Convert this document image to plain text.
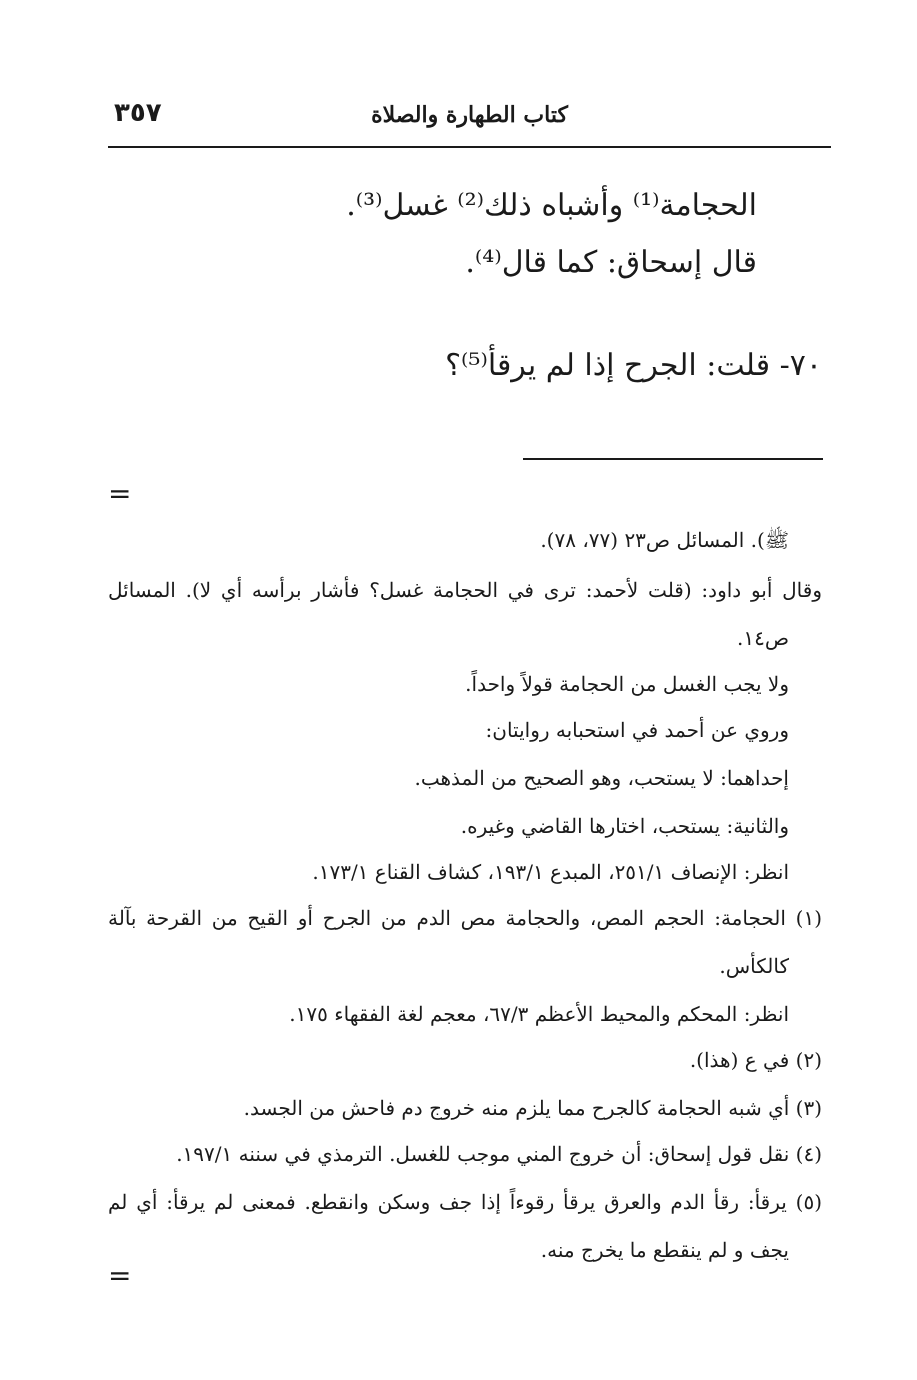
٣٥٧	كتاب الطهارة والصلاة
الحجامة⁽¹⁾ وأشباه ذلك⁽²⁾ غسل⁽³⁾.
قال إسحاق: كما قال⁽⁴⁾.
٧٠- قلت: الجرح إذا لم يرقأ⁽⁵⁾؟
=
ﷺ). المسائل ص٢٣ (٧٧، ٧٨).
وقال أبو داود: (قلت لأحمد: ترى في الحجامة غسل؟ فأشار برأسه أي لا). المسائل
ص١٤.
ولا يجب الغسل من الحجامة قولاً واحداً.
وروي عن أحمد في استحبابه روايتان:
إحداهما: لا يستحب، وهو الصحيح من المذهب.
والثانية: يستحب، اختارها القاضي وغيره.
انظر: الإنصاف ٢٥١/١، المبدع ١٩٣/١، كشاف القناع ١٧٣/١.
(١) الحجامة: الحجم المص، والحجامة مص الدم من الجرح أو القيح من القرحة بآلة
كالكأس.
انظر: المحكم والمحيط الأعظم ٦٧/٣، معجم لغة الفقهاء ١٧٥.
(٢) في ع (هذا).
(٣) أي شبه الحجامة كالجرح مما يلزم منه خروج دم فاحش من الجسد.
(٤) نقل قول إسحاق: أن خروج المني موجب للغسل. الترمذي في سننه ١٩٧/١.
(٥) يرقأ: رقأ الدم والعرق يرقأ رقوءاً إذا جف وسكن وانقطع. فمعنى لم يرقأ: أي لم
يجف و لم ينقطع ما يخرج منه.
=
